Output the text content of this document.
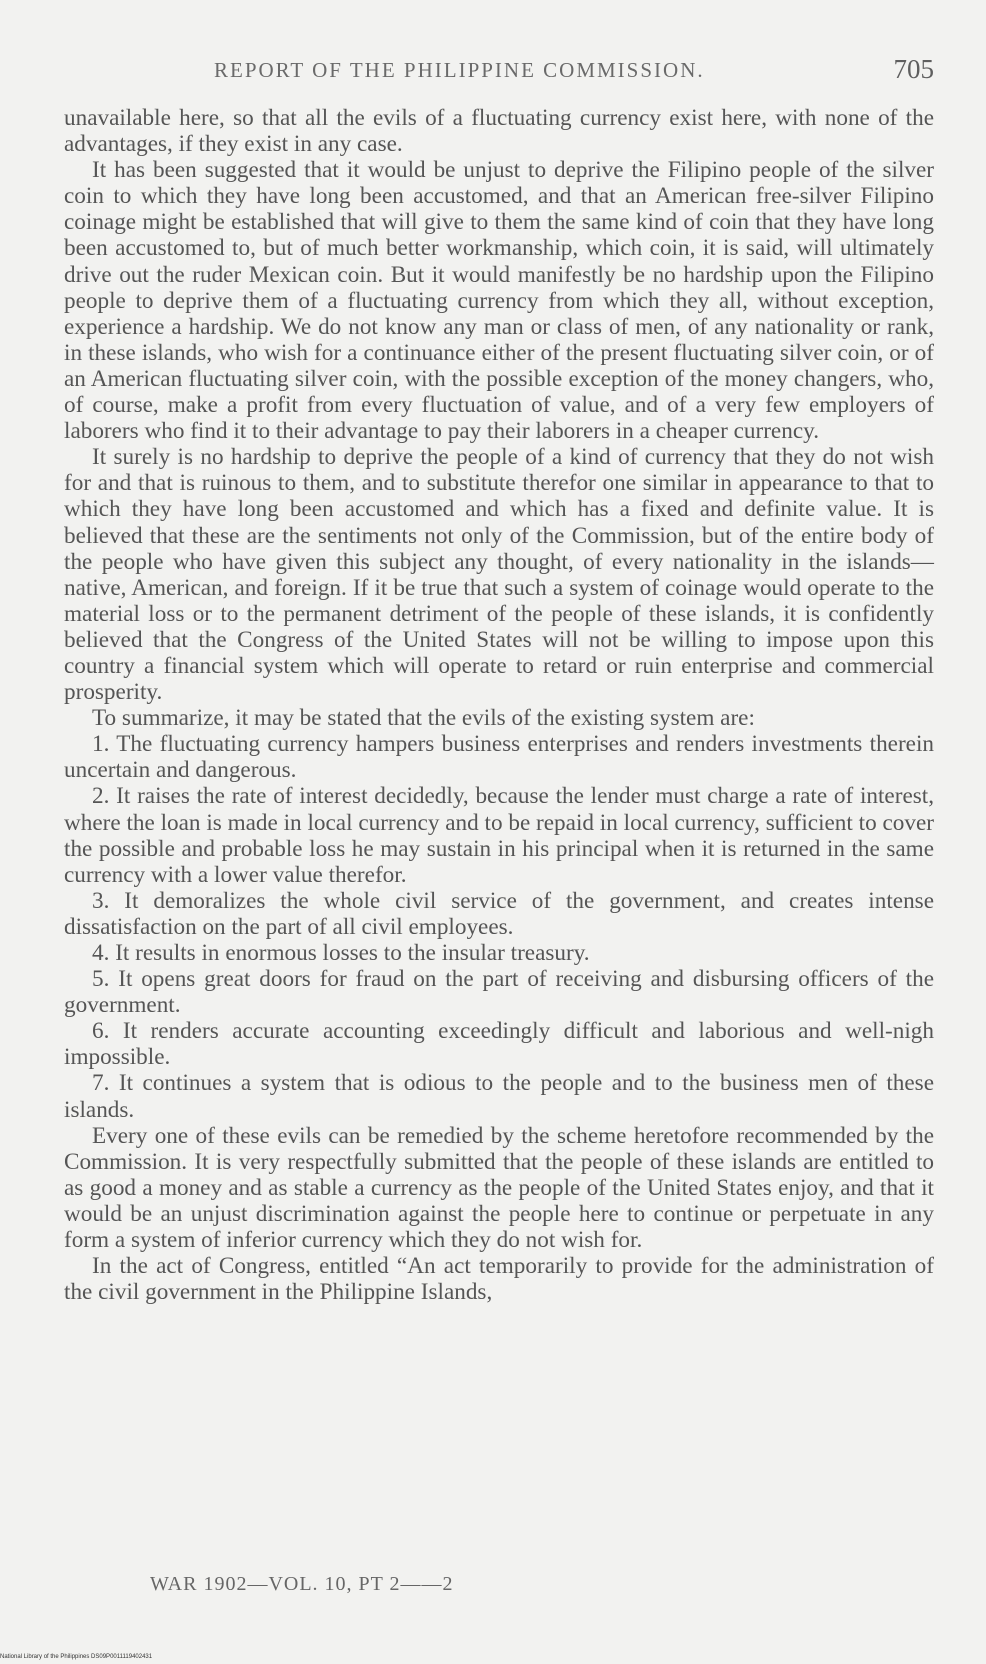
REPORT OF THE PHILIPPINE COMMISSION.	705

unavailable here, so that all the evils of a fluctuating currency exist here, with none of the advantages, if they exist in any case.

It has been suggested that it would be unjust to deprive the Filipino people of the silver coin to which they have long been accustomed, and that an American free-silver Filipino coinage might be established that will give to them the same kind of coin that they have long been accustomed to, but of much better workmanship, which coin, it is said, will ultimately drive out the ruder Mexican coin. But it would manifestly be no hardship upon the Filipino people to deprive them of a fluctuating currency from which they all, without exception, experience a hardship. We do not know any man or class of men, of any nationality or rank, in these islands, who wish for a continuance either of the present fluctuating silver coin, or of an American fluctuating silver coin, with the possible exception of the money changers, who, of course, make a profit from every fluctuation of value, and of a very few employers of laborers who find it to their advantage to pay their laborers in a cheaper currency.

It surely is no hardship to deprive the people of a kind of currency that they do not wish for and that is ruinous to them, and to substitute therefor one similar in appearance to that to which they have long been accustomed and which has a fixed and definite value. It is believed that these are the sentiments not only of the Commission, but of the entire body of the people who have given this subject any thought, of every nationality in the islands—native, American, and foreign. If it be true that such a system of coinage would operate to the material loss or to the permanent detriment of the people of these islands, it is confidently believed that the Congress of the United States will not be willing to impose upon this country a financial system which will operate to retard or ruin enterprise and commercial prosperity.

To summarize, it may be stated that the evils of the existing system are:

1. The fluctuating currency hampers business enterprises and renders investments therein uncertain and dangerous.

2. It raises the rate of interest decidedly, because the lender must charge a rate of interest, where the loan is made in local currency and to be repaid in local currency, sufficient to cover the possible and probable loss he may sustain in his principal when it is returned in the same currency with a lower value therefor.

3. It demoralizes the whole civil service of the government, and creates intense dissatisfaction on the part of all civil employees.

4. It results in enormous losses to the insular treasury.

5. It opens great doors for fraud on the part of receiving and disbursing officers of the government.

6. It renders accurate accounting exceedingly difficult and laborious and well-nigh impossible.

7. It continues a system that is odious to the people and to the business men of these islands.

Every one of these evils can be remedied by the scheme heretofore recommended by the Commission. It is very respectfully submitted that the people of these islands are entitled to as good a money and as stable a currency as the people of the United States enjoy, and that it would be an unjust discrimination against the people here to continue or perpetuate in any form a system of inferior currency which they do not wish for.

In the act of Congress, entitled “An act temporarily to provide for the administration of the civil government in the Philippine Islands,

WAR 1902—VOL. 10, PT 2——2
National Library of the Philippines DS09P0011119402431
